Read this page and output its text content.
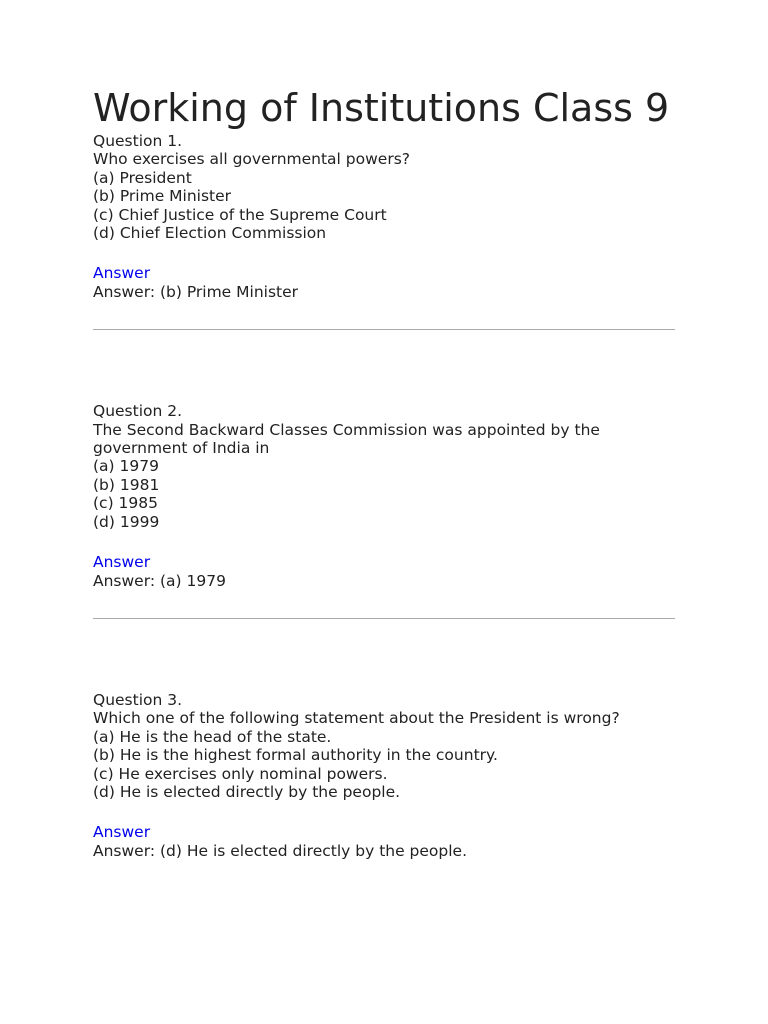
Working of Institutions Class 9
Question 1.
Who exercises all governmental powers?
(a) President
(b) Prime Minister
(c) Chief Justice of the Supreme Court
(d) Chief Election Commission
Answer
Answer: (b) Prime Minister
Question 2.
The Second Backward Classes Commission was appointed by the government of India in
(a) 1979
(b) 1981
(c) 1985
(d) 1999
Answer
Answer: (a) 1979
Question 3.
Which one of the following statement about the President is wrong?
(a) He is the head of the state.
(b) He is the highest formal authority in the country.
(c) He exercises only nominal powers.
(d) He is elected directly by the people.
Answer
Answer: (d) He is elected directly by the people.
